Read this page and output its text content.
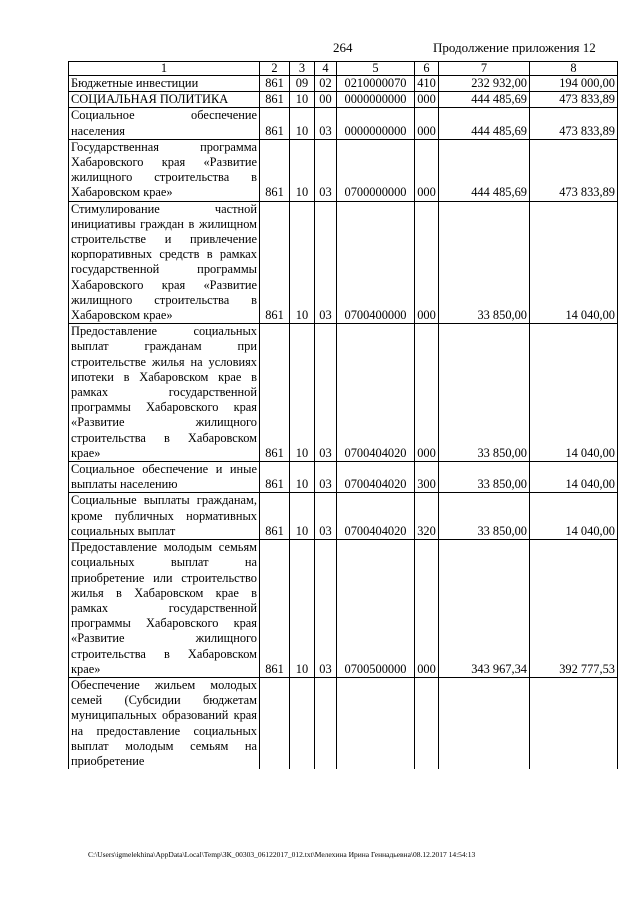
264	Продолжение приложения 12
1	2	3	4	5	6	7	8
Бюджетные инвестиции	861	09	02	0210000070	410	232 932,00	194 000,00
СОЦИАЛЬНАЯ ПОЛИТИКА	861	10	00	0000000000	000	444 485,69	473 833,89
Социальное обеспечение населения	861	10	03	0000000000	000	444 485,69	473 833,89
Государственная программа Хабаровского края «Развитие жилищного строительства в Хабаровском крае»	861	10	03	0700000000	000	444 485,69	473 833,89
Стимулирование частной инициативы граждан в жилищном строительстве и привлечение корпоративных средств в рамках государственной программы Хабаровского края «Развитие жилищного строительства в Хабаровском крае»	861	10	03	0700400000	000	33 850,00	14 040,00
Предоставление социальных выплат гражданам при строительстве жилья на условиях ипотеки в Хабаровском крае в рамках государственной программы Хабаровского края «Развитие жилищного строительства в Хабаровском крае»	861	10	03	0700404020	000	33 850,00	14 040,00
Социальное обеспечение и иные выплаты населению	861	10	03	0700404020	300	33 850,00	14 040,00
Социальные выплаты гражданам, кроме публичных нормативных социальных выплат	861	10	03	0700404020	320	33 850,00	14 040,00
Предоставление молодым семьям социальных выплат на приобретение или строительство жилья в Хабаровском крае в рамках государственной программы Хабаровского края «Развитие жилищного строительства в Хабаровском крае»	861	10	03	0700500000	000	343 967,34	392 777,53
Обеспечение жильем молодых семей (Субсидии бюджетам муниципальных образований края на предоставление социальных выплат молодым семьям на приобретение							
C:\Users\igmelekhina\AppData\Local\Temp\ЗК_00303_06122017_012.txt\Мелехина Ирина Геннадьевна\08.12.2017 14:54:13
